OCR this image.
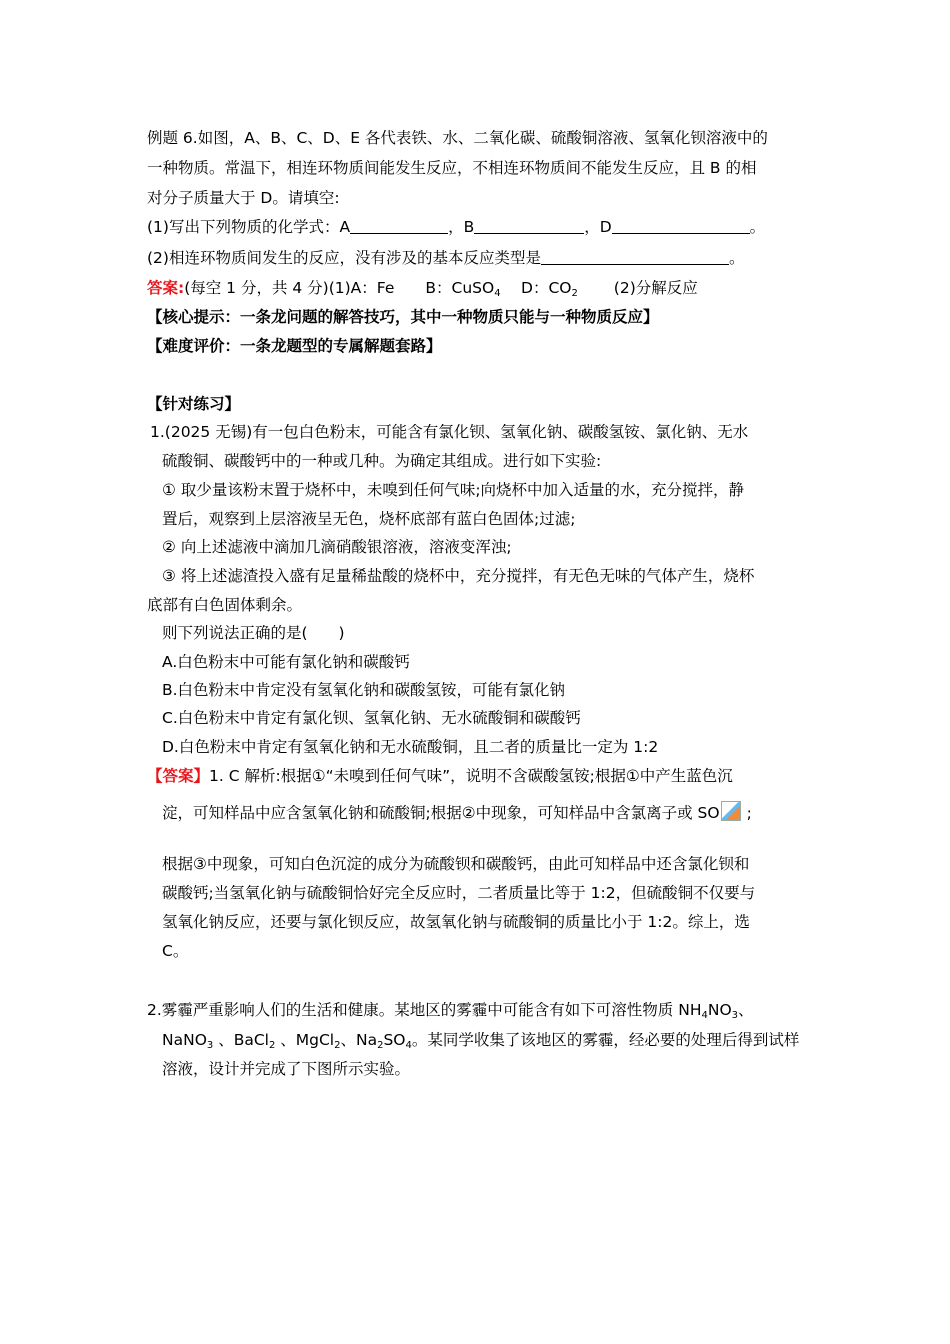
例题 6.如图，A、B、C、D、E 各代表铁、水、二氧化碳、硫酸铜溶液、氢氧化钡溶液中的
一种物质。常温下，相连环物质间能发生反应，不相连环物质间不能发生反应，且 B 的相
对分子质量大于 D。请填空:
(1)写出下列物质的化学式：A	，B	，D	。
(2)相连环物质间发生的反应，没有涉及的基本反应类型是	。
答案:(每空 1 分，共 4 分)(1)A：Fe　　B：CuSO$_4$　 D：$CO_2$　　 (2)分解反应
【核心提示：一条龙问题的解答技巧，其中一种物质只能与一种物质反应】
【难度评价：一条龙题型的专属解题套路】
【针对练习】
1.(2025 无锡)有一包白色粉末，可能含有氯化钡、氢氧化钠、碳酸氢铵、氯化钠、无水
硫酸铜、碳酸钙中的一种或几种。为确定其组成。进行如下实验:
① 取少量该粉末置于烧杯中，未嗅到任何气味;向烧杯中加入适量的水，充分搅拌，静
置后，观察到上层溶液呈无色，烧杯底部有蓝白色固体;过滤;
② 向上述滤液中滴加几滴硝酸银溶液，溶液变浑浊;
③ 将上述滤渣投入盛有足量稀盐酸的烧杯中，充分搅拌，有无色无味的气体产生，烧杯
底部有白色固体剩余。
则下列说法正确的是(　　)
A.白色粉末中可能有氯化钠和碳酸钙
B.白色粉末中肯定没有氢氧化钠和碳酸氢铵，可能有氯化钠
C.白色粉末中肯定有氯化钡、氢氧化钠、无水硫酸铜和碳酸钙
D.白色粉末中肯定有氢氧化钠和无水硫酸铜，且二者的质量比一定为 1:2
【答案】1. C 解析:根据①“未嗅到任何气味”，说明不含碳酸氢铵;根据①中产生蓝色沉
淀，可知样品中应含氢氧化钠和硫酸铜;根据②中现象，可知样品中含氯离子或 SO ;
根据③中现象，可知白色沉淀的成分为硫酸钡和碳酸钙，由此可知样品中还含氯化钡和
碳酸钙;当氢氧化钠与硫酸铜恰好完全反应时，二者质量比等于 1:2，但硫酸铜不仅要与
氢氧化钠反应，还要与氯化钡反应，故氢氧化钠与硫酸铜的质量比小于 1:2。综上，选
C。
2.雾霾严重影响人们的生活和健康。某地区的雾霾中可能含有如下可溶性物质 $NH_4NO_3$、
NaNO$_3$ 、BaCl$_2$ 、MgCl$_2$、$Na_2SO_4$。某同学收集了该地区的雾霾，经必要的处理后得到试样
溶液，设计并完成了下图所示实验。
